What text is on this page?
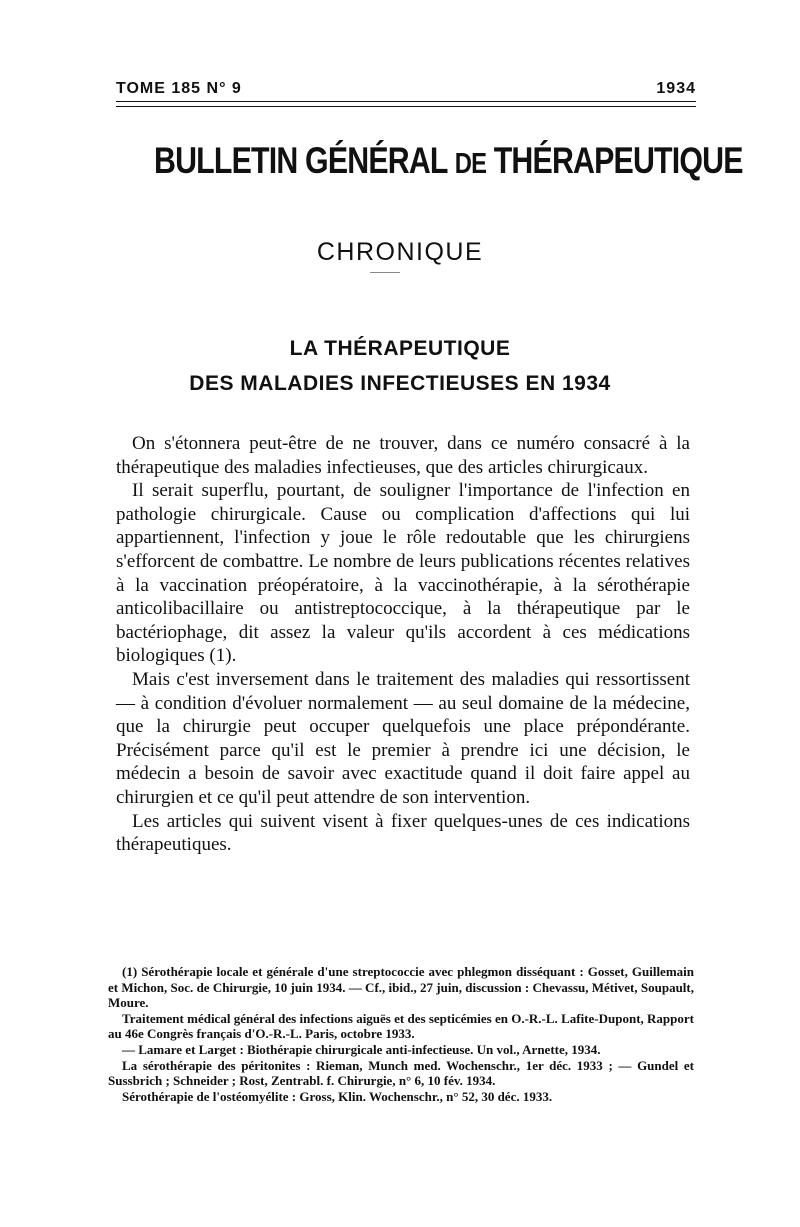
TOME 185 N° 9	1934
BULLETIN GÉNÉRAL DE THÉRAPEUTIQUE
CHRONIQUE
LA THÉRAPEUTIQUE
DES MALADIES INFECTIEUSES EN 1934

On s'étonnera peut-être de ne trouver, dans ce numéro consacré à la thérapeutique des maladies infectieuses, que des articles chirurgicaux.

Il serait superflu, pourtant, de souligner l'importance de l'infection en pathologie chirurgicale. Cause ou complication d'affections qui lui appartiennent, l'infection y joue le rôle redoutable que les chirurgiens s'efforcent de combattre. Le nombre de leurs publications récentes relatives à la vaccination préopératoire, à la vaccinothérapie, à la sérothérapie anticolibacillaire ou antistreptococcique, à la thérapeutique par le bactériophage, dit assez la valeur qu'ils accordent à ces médications biologiques (1).

Mais c'est inversement dans le traitement des maladies qui ressortissent — à condition d'évoluer normalement — au seul domaine de la médecine, que la chirurgie peut occuper quelquefois une place prépondérante. Précisément parce qu'il est le premier à prendre ici une décision, le médecin a besoin de savoir avec exactitude quand il doit faire appel au chirurgien et ce qu'il peut attendre de son intervention.

Les articles qui suivent visent à fixer quelques-unes de ces indications thérapeutiques.

(1) Sérothérapie locale et générale d'une streptococcie avec phlegmon disséquant : Gosset, Guillemain et Michon, Soc. de Chirurgie, 10 juin 1934. — Cf., ibid., 27 juin, discussion : Chevassu, Métivet, Soupault, Moure.

Traitement médical général des infections aiguës et des septicémies en O.-R.-L. Lafite-Dupont, Rapport au 46e Congrès français d'O.-R.-L. Paris, octobre 1933.

— Lamare et Larget : Biothérapie chirurgicale anti-infectieuse. Un vol., Arnette, 1934.

La sérothérapie des péritonites : Rieman, Munch med. Wochenschr., 1er déc. 1933 ; — Gundel et Sussbrich ; Schneider ; Rost, Zentrabl. f. Chirurgie, n° 6, 10 fév. 1934.

Sérothérapie de l'ostéomyélite : Gross, Klin. Wochenschr., n° 52, 30 déc. 1933.
